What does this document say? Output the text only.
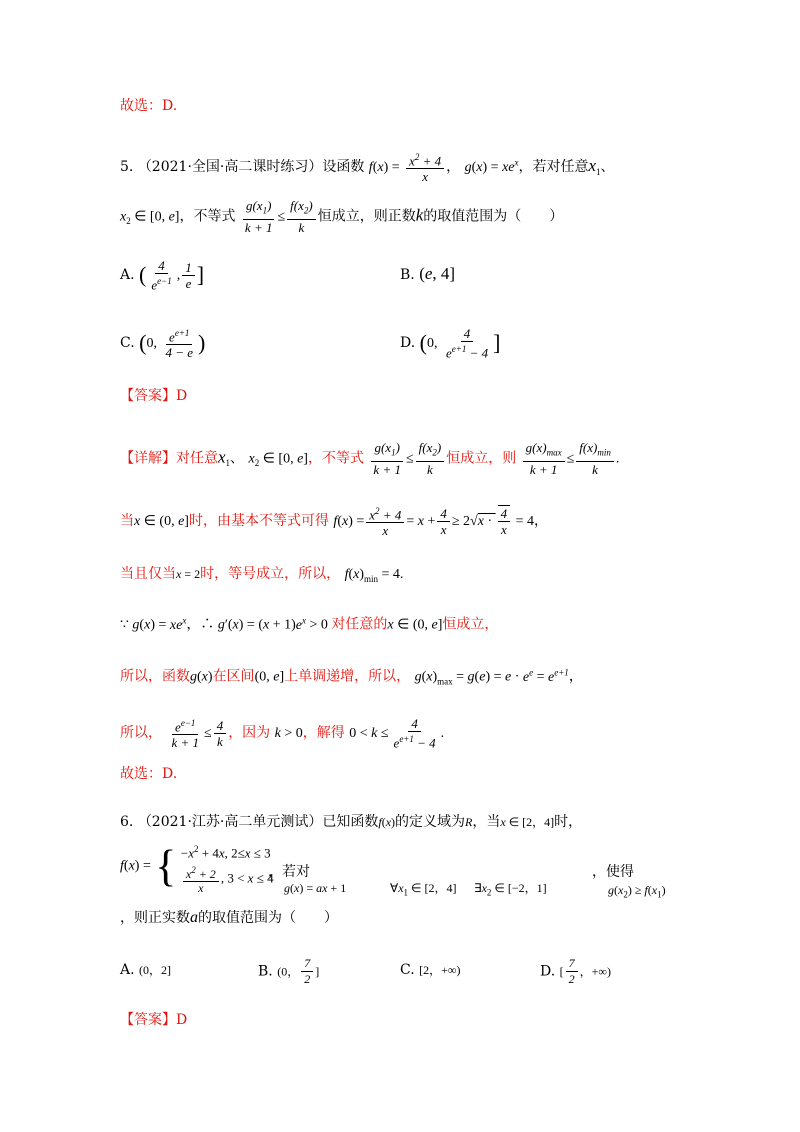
故选：D.
5. （2021·全国·高二课时练习）设函数 $f(x) = \frac{x^2 + 4}{x}$ ， $g(x) = xe^x$，若对任意$x_1$、
$x_2$ ∈ [0, e]，不等式 $\frac{g(x_1)}{k + 1} \le \frac{f(x_2)}{k}$ 恒成立，则正数k的取值范围为（　　）
A. ( $\frac{4}{e^{e-1}}$ , $\frac{1}{e}$ ]	B. (e, 4]
C. (0, $\frac{e^{e+1}}{4 - e}$ )	D. (0, $\frac{4}{e^{e+1} - 4}$ ]
【答案】D
【详解】对任意$x_1$、 $x_2$ ∈ [0, e]，不等式 $\frac{g(x_1)}{k + 1} \le \frac{f(x_2)}{k}$ 恒成立，则
$g(x)_{max}$
k + 1
≤
$f(x)_{min}$
k
.
当x ∈ (0, e]时，由基本不等式可得 $f(x) = \frac{x^2 + 4}{x} = x + \frac{4}{x} \ge 2√x \cdot \frac{4}{x} = 4$，
当且仅当x = 2时，等号成立，所以， $f(x)_{min} = 4$.
∵ $g(x) = xe^x$，∴ $g'(x) = (x + 1)e^x > 0$ 对任意的x ∈ (0, e]恒成立，
所以，函数g(x)在区间(0, e]上单调递增，所以， $g(x)_{max} = g(e) = e \cdot e^e = e^{e+1}$，
所以， $\frac{e^{e-1}}{k + 1} \le \frac{4}{k}$ ，因为 k > 0，解得 $0 < k \le \frac{4}{e^{e+1} - 4}$ .
故选：D.
6. （2021·江苏·高二单元测试）已知函数f(x)的定义域为R，当x ∈ [2，4]时，
f(x) = { $-x^2 + 4x$, 2≤x ≤ 3
$\frac{x^2 + 2}{x}$ , 3 < x ≤ 4
，若对	，使得
g(x) = ax + 1	$\forall x_1$ ∈ [2，4] $\exists x_2$ ∈ [−2，1]	$g(x_2) \ge f(x_1)$
，则正实数a的取值范围为（　　）
A. (0，2]	B. (0， $\frac{7}{2}$ ]	C. [2，+∞)	D. [ $\frac{7}{2}$ ，+∞)
【答案】D
